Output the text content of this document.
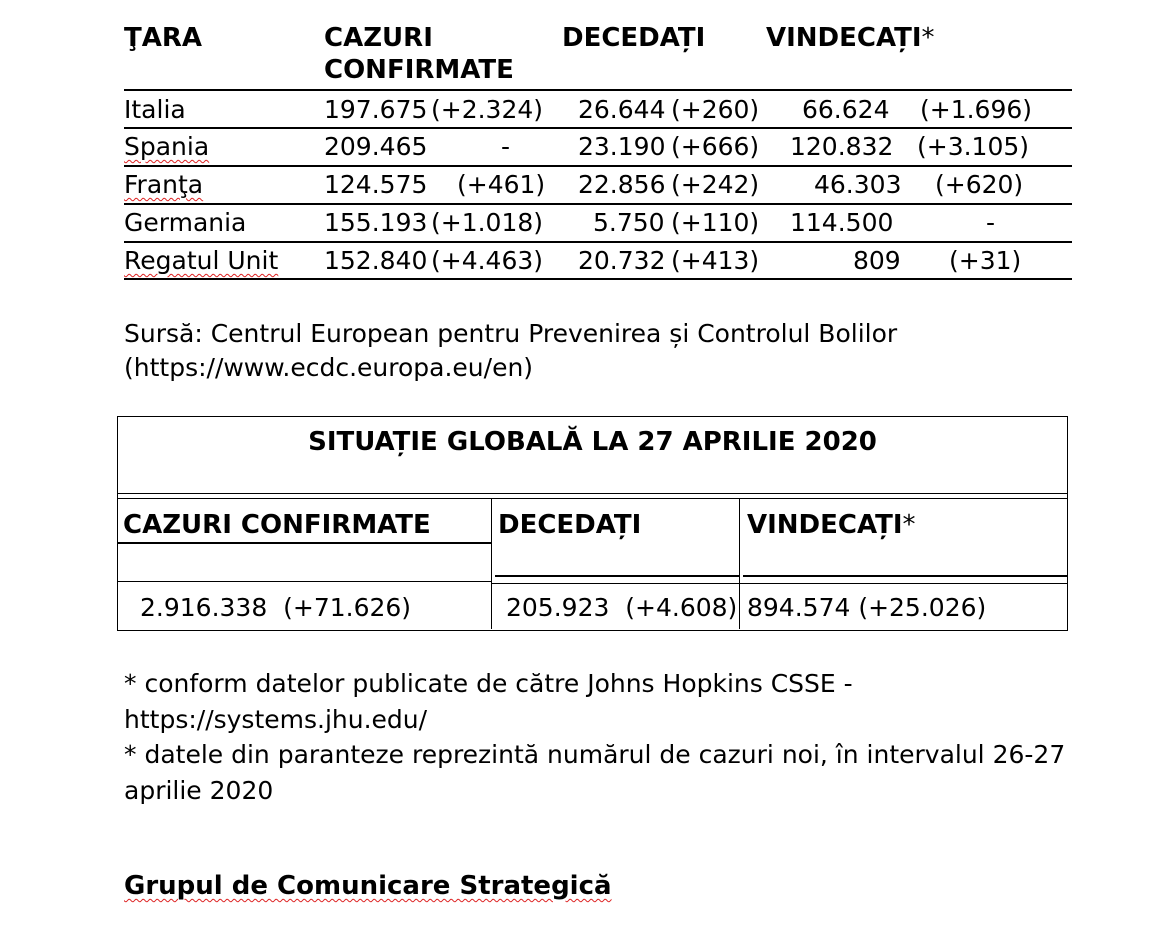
ŢARA	CAZURI
CONFIRMATE
DECEDAȚI VINDECAȚI*
Italia	197.675 (+2.324) 26.644 (+260) 66.624 (+1.696)
Spania	209.465	-	23.190 (+666) 120.832 (+3.105)
Franţa	124.575 (+461) 22.856 (+242) 46.303 (+620)
Germania	155.193 (+1.018) 5.750 (+110) 114.500	-
Regatul Unit 152.840 (+4.463) 20.732 (+413)	809 (+31)
Sursă: Centrul European pentru Prevenirea și Controlul Bolilor
(https://www.ecdc.europa.eu/en)
SITUAȚIE GLOBALĂ LA 27 APRILIE 2020
CAZURI CONFIRMATE	DECEDAȚI	VINDECAȚI*
2.916.338  (+71.626)	205.923  (+4.608) 894.574 (+25.026)
* conform datelor publicate de către Johns Hopkins CSSE -
https://systems.jhu.edu/
* datele din paranteze reprezintă numărul de cazuri noi, în intervalul 26-27
aprilie 2020
Grupul de Comunicare Strategică
